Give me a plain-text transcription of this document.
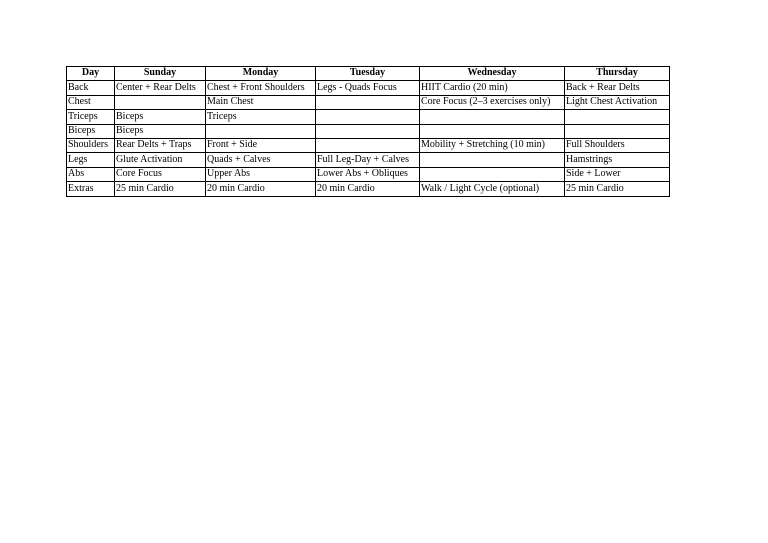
Day	Sunday	Monday	Tuesday	Wednesday	Thursday
Back	Center + Rear Delts	Chest + Front Shoulders	Legs - Quads Focus	HIIT Cardio (20 min)	Back + Rear Delts
Chest		Main Chest		Core Focus (2–3 exercises only)	Light Chest Activation
Triceps	Biceps	Triceps			
Biceps	Biceps				
Shoulders	Rear Delts + Traps	Front + Side		Mobility + Stretching (10 min)	Full Shoulders
Legs	Glute Activation	Quads + Calves	Full Leg-Day + Calves		Hamstrings
Abs	Core Focus	Upper Abs	Lower Abs + Obliques		Side + Lower
Extras	25 min Cardio	20 min Cardio	20 min Cardio	Walk / Light Cycle (optional)	25 min Cardio
